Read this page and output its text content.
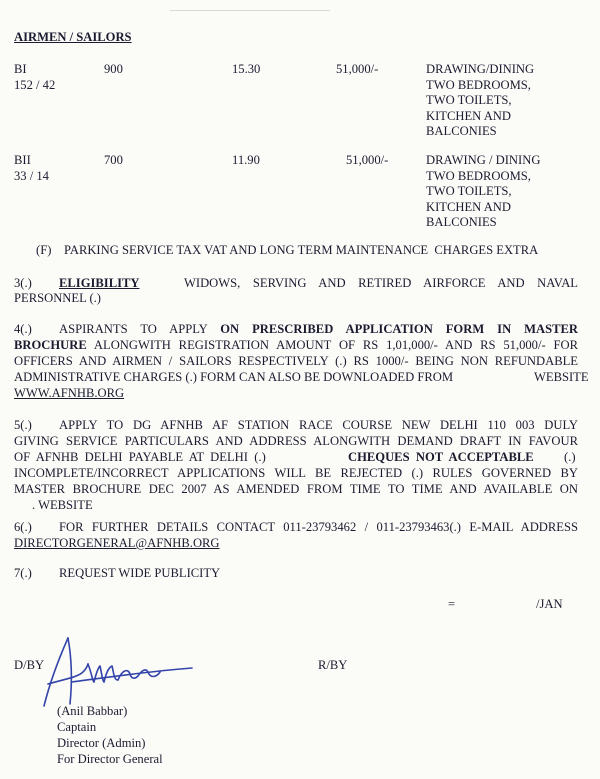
AIRMEN / SAILORS
BI
152 / 42
900	15.30	51,000/-	DRAWING/DINING
TWO BEDROOMS,
TWO TOILETS,
KITCHEN AND
BALCONIES
BII
33 / 14
700	11.90	51,000/-	DRAWING / DINING
TWO BEDROOMS,
TWO TOILETS,
KITCHEN AND
BALCONIES
(F) PARKING SERVICE TAX VAT AND LONG TERM MAINTENANCE  CHARGES EXTRA
3(.) ELIGIBILITY	WIDOWS, SERVING AND RETIRED AIRFORCE AND NAVAL
PERSONNEL (.)
4(.) ASPIRANTS TO APPLY ON PRESCRIBED APPLICATION FORM IN MASTER
BROCHURE ALONGWITH REGISTRATION AMOUNT OF RS 1,01,000/- AND RS 51,000/- FOR
OFFICERS AND AIRMEN / SAILORS RESPECTIVELY (.) RS 1000/- BEING NON REFUNDABLE
ADMINISTRATIVE CHARGES (.) FORM CAN ALSO BE DOWNLOADED FROM	WEBSITE
WWW.AFNHB.ORG
5(.) APPLY TO DG AFNHB AF STATION RACE COURSE NEW DELHI 110 003 DULY
GIVING SERVICE PARTICULARS AND ADDRESS ALONGWITH DEMAND DRAFT IN FAVOUR
OF  AFNHB  DELHI  PAYABLE  AT  DELHI  (.)	CHEQUES  NOT  ACCEPTABLE (.)
INCOMPLETE/INCORRECT APPLICATIONS WILL BE REJECTED (.) RULES GOVERNED BY
MASTER BROCHURE DEC 2007 AS AMENDED FROM TIME TO TIME AND AVAILABLE ON
. WEBSITE
6(.) FOR FURTHER DETAILS CONTACT 011-23793462 / 011-23793463(.) E-MAIL ADDRESS
DIRECTORGENERAL@AFNHB.ORG
7(.) REQUEST WIDE PUBLICITY
=	/JAN
D/BY	R/BY
(Anil Babbar)
Captain
Director (Admin)
For Director General
